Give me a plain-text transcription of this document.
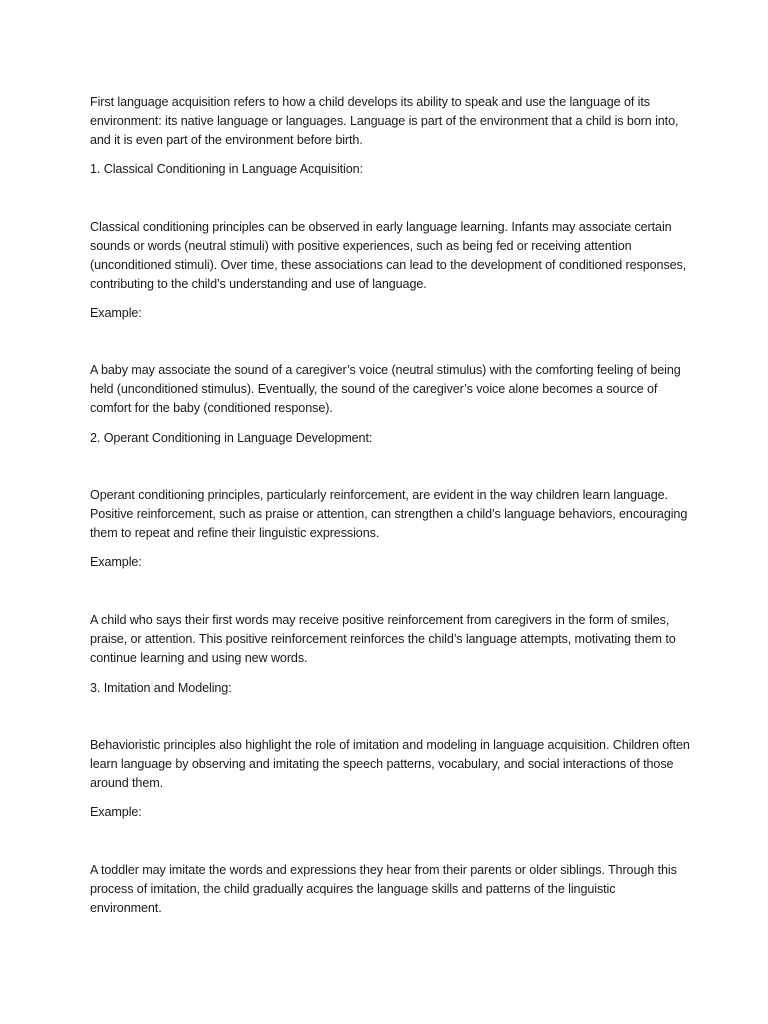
First language acquisition refers to how a child develops its ability to speak and use the language of its environment: its native language or languages. Language is part of the environment that a child is born into, and it is even part of the environment before birth.

1. Classical Conditioning in Language Acquisition:

Classical conditioning principles can be observed in early language learning. Infants may associate certain sounds or words (neutral stimuli) with positive experiences, such as being fed or receiving attention (unconditioned stimuli). Over time, these associations can lead to the development of conditioned responses, contributing to the child’s understanding and use of language.

Example:

A baby may associate the sound of a caregiver’s voice (neutral stimulus) with the comforting feeling of being held (unconditioned stimulus). Eventually, the sound of the caregiver’s voice alone becomes a source of comfort for the baby (conditioned response).

2. Operant Conditioning in Language Development:

Operant conditioning principles, particularly reinforcement, are evident in the way children learn language. Positive reinforcement, such as praise or attention, can strengthen a child’s language behaviors, encouraging them to repeat and refine their linguistic expressions.

Example:

A child who says their first words may receive positive reinforcement from caregivers in the form of smiles, praise, or attention. This positive reinforcement reinforces the child’s language attempts, motivating them to continue learning and using new words.

3. Imitation and Modeling:

Behavioristic principles also highlight the role of imitation and modeling in language acquisition. Children often learn language by observing and imitating the speech patterns, vocabulary, and social interactions of those around them.

Example:

A toddler may imitate the words and expressions they hear from their parents or older siblings. Through this process of imitation, the child gradually acquires the language skills and patterns of the linguistic environment.
